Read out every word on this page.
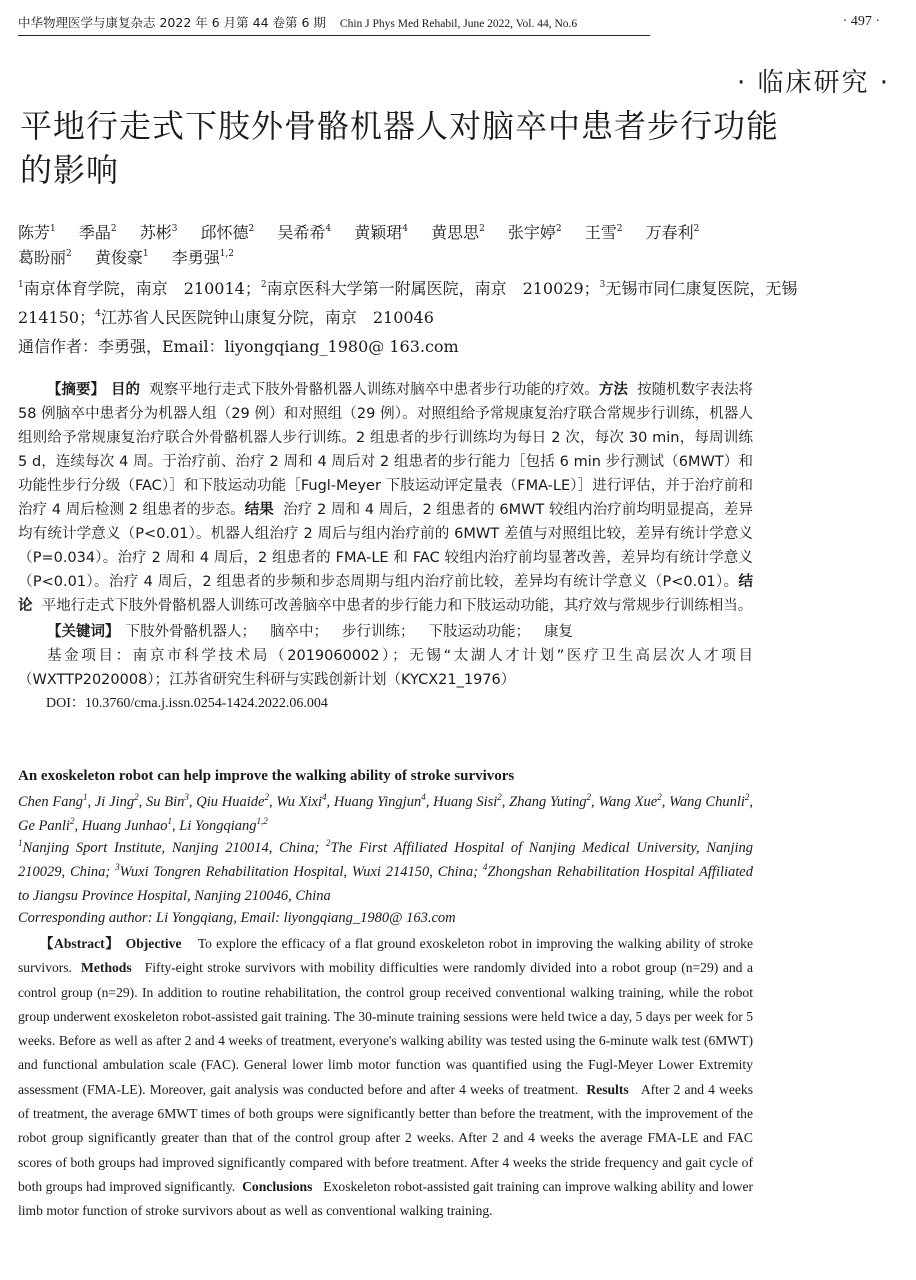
中华物理医学与康复杂志 2022 年 6 月第 44 卷第 6 期 Chin J Phys Med Rehabil, June 2022, Vol. 44, No.6	· 497 ·
· 临床研究 ·
平地行走式下肢外骨骼机器人对脑卒中患者步行功能的影响
陈芳$^1$ 季晶$^2$ 苏彬$^3$ 邱怀德$^2$ 吴希希$^4$ 黄颖珺$^4$ 黄思思$^2$ 张宇婷$^2$ 王雪$^2$ 万春利$^2$
葛盼丽$^2$ 黄俊豪$^1$ 李勇强$^{1,2}$

$^1$南京体育学院，南京　210014；$^2$南京医科大学第一附属医院，南京　210029；$^3$无锡市同仁康复医院，无锡　214150；$^4$江苏省人民医院钟山康复分院，南京　210046

通信作者：李勇强，Email：liyongqiang_1980@ 163.com

【摘要】 目的 观察平地行走式下肢外骨骼机器人训练对脑卒中患者步行功能的疗效。方法 按随机数字表法将 58 例脑卒中患者分为机器人组（29 例）和对照组（29 例）。对照组给予常规康复治疗联合常规步行训练，机器人组则给予常规康复治疗联合外骨骼机器人步行训练。2 组患者的步行训练均为每日 2 次，每次 30 min，每周训练 5 d，连续每次 4 周。于治疗前、治疗 2 周和 4 周后对 2 组患者的步行能力［包括 6 min 步行测试（6MWT）和功能性步行分级（FAC）］和下肢运动功能［Fugl-Meyer 下肢运动评定量表（FMA-LE）］进行评估，并于治疗前和治疗 4 周后检测 2 组患者的步态。结果 治疗 2 周和 4 周后，2 组患者的 6MWT 较组内治疗前均明显提高，差异均有统计学意义（P<0.01）。机器人组治疗 2 周后与组内治疗前的 6MWT 差值与对照组比较，差异有统计学意义（P=0.034）。治疗 2 周和 4 周后，2 组患者的 FMA-LE 和 FAC 较组内治疗前均显著改善，差异均有统计学意义（P<0.01）。治疗 4 周后，2 组患者的步频和步态周期与组内治疗前比较，差异均有统计学意义（P<0.01）。结论 平地行走式下肢外骨骼机器人训练可改善脑卒中患者的步行能力和下肢运动功能，其疗效与常规步行训练相当。

【关键词】 下肢外骨骼机器人； 脑卒中； 步行训练； 下肢运动功能； 康复

基金项目：南京市科学技术局（2019060002）；无锡“太湖人才计划”医疗卫生高层次人才项目（WXTTP2020008）；江苏省研究生科研与实践创新计划（KYCX21_1976）

DOI：10.3760/cma.j.issn.0254-1424.2022.06.004

An exoskeleton robot can help improve the walking ability of stroke survivors
Chen Fang$^1$, Ji Jing$^2$, Su Bin$^3$, Qiu Huaide$^2$, Wu Xixi$^4$, Huang Yingjun$^4$, Huang Sisi$^2$, Zhang Yuting$^2$, Wang Xue$^2$, Wang Chunli$^2$, Ge Panli$^2$, Huang Junhao$^1$, Li Yongqiang$^{1,2}$
$^1$Nanjing Sport Institute, Nanjing 210014, China; $^2$The First Affiliated Hospital of Nanjing Medical University, Nanjing 210029, China; $^3$Wuxi Tongren Rehabilitation Hospital, Wuxi 214150, China; $^4$Zhongshan Rehabilitation Hospital Affiliated to Jiangsu Province Hospital, Nanjing 210046, China
Corresponding author: Li Yongqiang, Email: liyongqiang_1980@ 163.com

【Abstract】 Objective To explore the efficacy of a flat ground exoskeleton robot in improving the walking ability of stroke survivors. Methods Fifty-eight stroke survivors with mobility difficulties were randomly divided into a robot group (n=29) and a control group (n=29). In addition to routine rehabilitation, the control group received conventional walking training, while the robot group underwent exoskeleton robot-assisted gait training. The 30-minute training sessions were held twice a day, 5 days per week for 5 weeks. Before as well as after 2 and 4 weeks of treatment, everyone's walking ability was tested using the 6-minute walk test (6MWT) and functional ambulation scale (FAC). General lower limb motor function was quantified using the Fugl-Meyer Lower Extremity assessment (FMA-LE). Moreover, gait analysis was conducted before and after 4 weeks of treatment. Results After 2 and 4 weeks of treatment, the average 6MWT times of both groups were significantly better than before the treatment, with the improvement of the robot group significantly greater than that of the control group after 2 weeks. After 2 and 4 weeks the average FMA-LE and FAC scores of both groups had improved significantly compared with before treatment. After 4 weeks the stride frequency and gait cycle of both groups had improved significantly. Conclusions Exoskeleton robot-assisted gait training can improve walking ability and lower limb motor function of stroke survivors about as well as conventional walking training.
